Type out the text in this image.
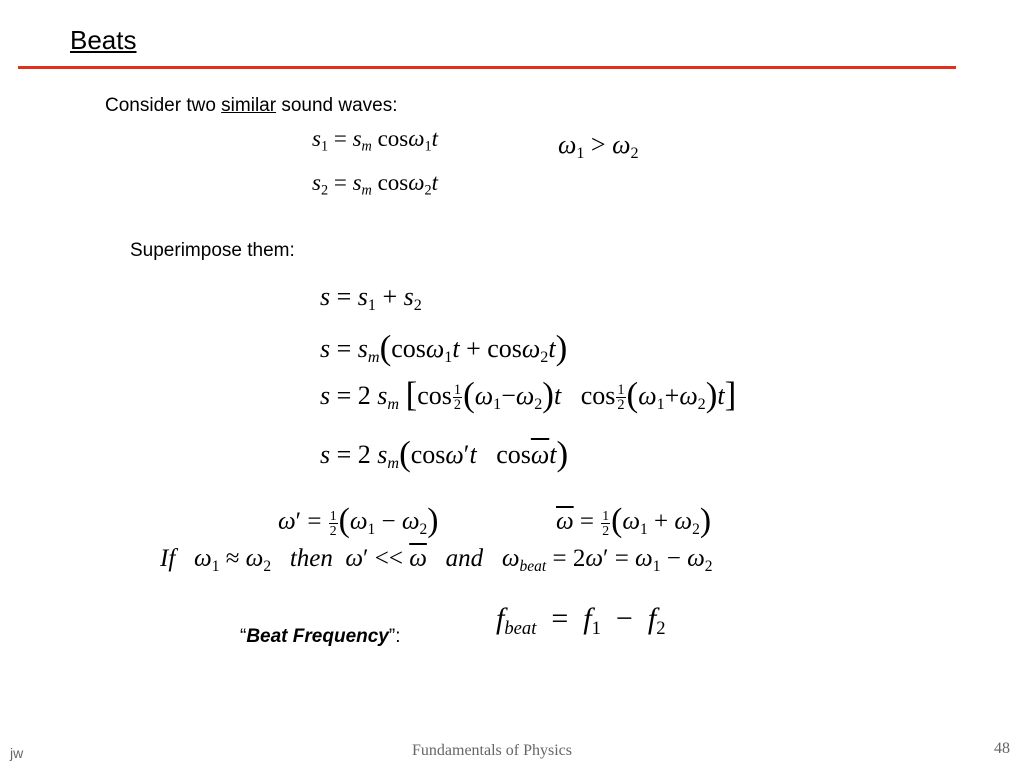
Beats
Consider two similar sound waves:
$s_1 = s_m$ cosω$_1$t	$\omega_1 > \omega_2$
$s_2 = s_m$ cosω$_2$t
Superimpose them:
$s = s_1 + s_2$
$s = s_m(\cos\omega_1t + \cos\omega_2t)$
s = 2 $s_m$ [$\cos \frac{1}{2} (\omega_1-\omega_2)t$ $\cos \frac{1}{2} (\omega_1+\omega_2)t$]
s = 2 $s_m(\cos\omega't$ $\cos\overline{\omega}t$)
$\omega' = \frac{1}{2} (\omega_1 - \omega_2)$	$\overline{\omega} = \frac{1}{2} (\omega_1 + \omega_2)$
If $\omega_1 \approx \omega_2$ then $\omega' << \overline{\omega}$ and $\omega_{beat} = 2\omega' = \omega_1 - \omega_2$
“Beat Frequency”:
$f_{beat} = f_1 - f_2$
jw	Fundamentals of Physics	48
